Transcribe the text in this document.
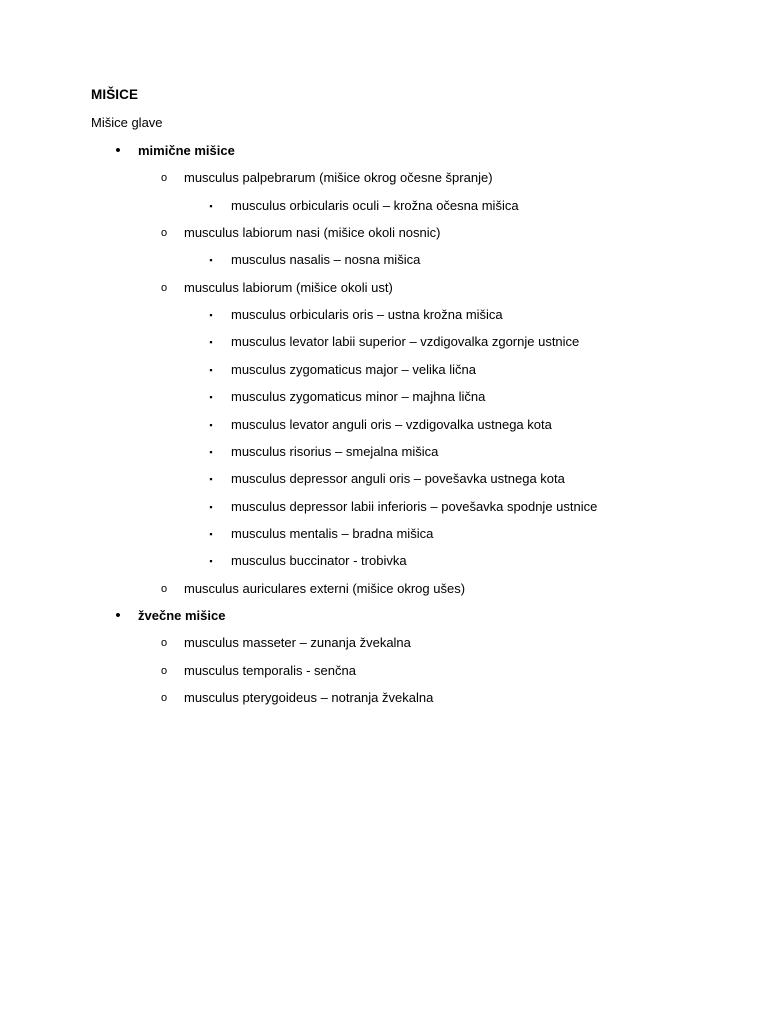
MIŠICE
Mišice glave
• mimične mišice
o musculus palpebrarum (mišice okrog očesne špranje)
▪	musculus orbicularis oculi – krožna očesna mišica
o musculus labiorum nasi (mišice okoli nosnic)
▪	musculus nasalis – nosna mišica
o musculus labiorum (mišice okoli ust)
▪	musculus orbicularis oris – ustna krožna mišica
▪	musculus levator labii superior – vzdigovalka zgornje ustnice
▪	musculus zygomaticus major – velika lična
▪	musculus zygomaticus minor – majhna lična
▪	musculus levator anguli oris – vzdigovalka ustnega kota
▪	musculus risorius – smejalna mišica
▪	musculus depressor anguli oris – povešavka ustnega kota
▪	musculus depressor labii inferioris – povešavka spodnje ustnice
▪	musculus mentalis – bradna mišica
▪	musculus buccinator - trobivka
o musculus auriculares externi (mišice okrog ušes)
• žvečne mišice
o musculus masseter – zunanja žvekalna
o musculus temporalis - senčna
o musculus pterygoideus – notranja žvekalna
